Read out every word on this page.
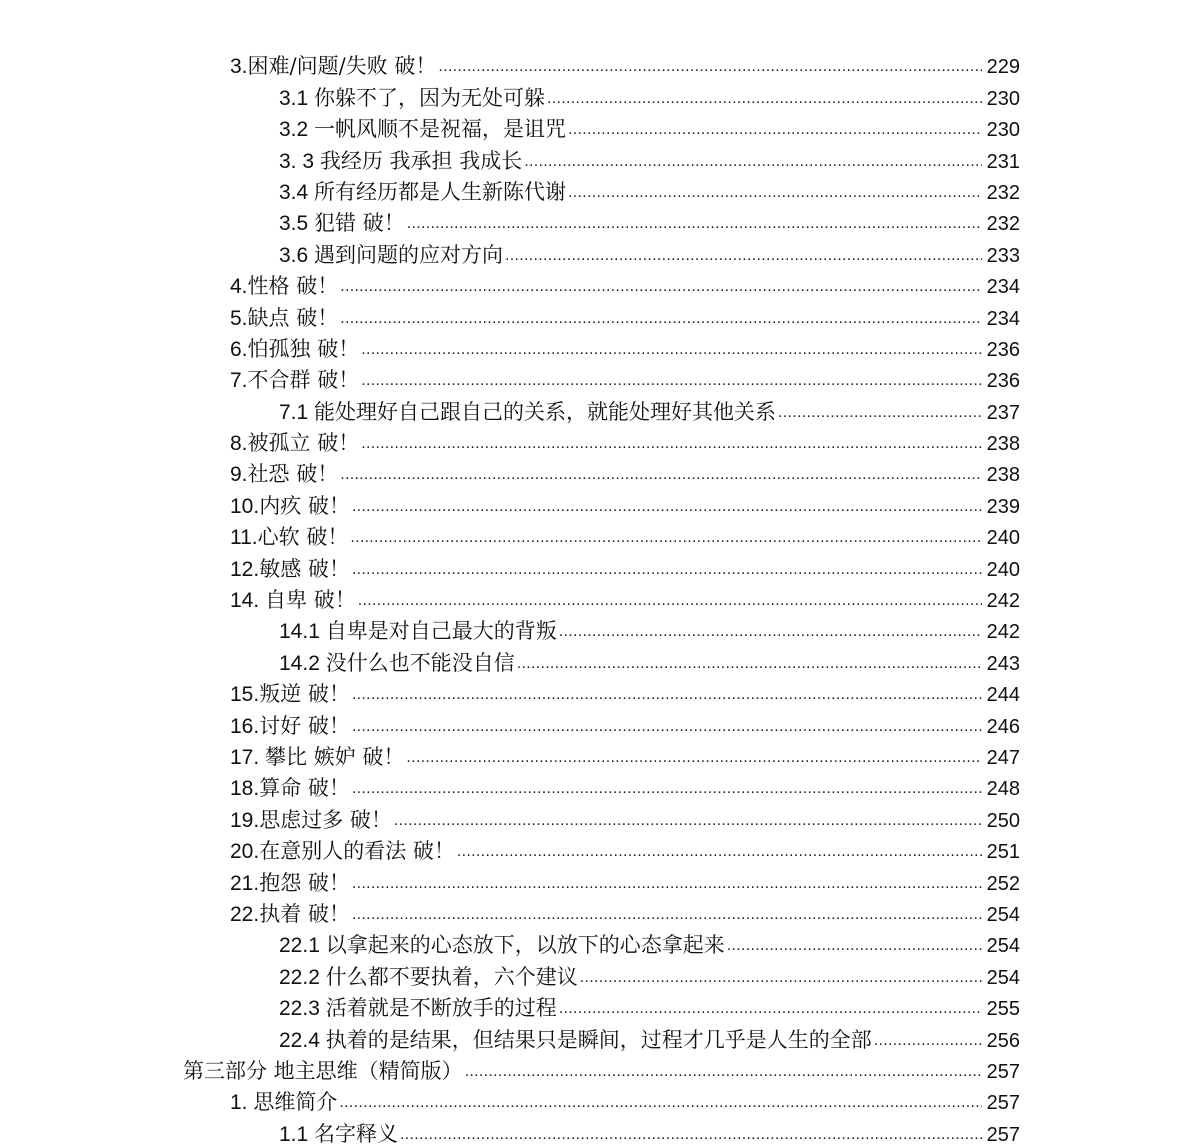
3.困难/问题/失败 破！ .....	229
3.1 你躲不了，因为无处可躲 .....	230
3.2 一帆风顺不是祝福，是诅咒 .....	230
3. 3 我经历 我承担 我成长 .....	231
3.4 所有经历都是人生新陈代谢 .....	232
3.5 犯错 破！ .....	232
3.6 遇到问题的应对方向 .....	233
4.性格 破！ .....	234
5.缺点 破！ .....	234
6.怕孤独 破！ .....	236
7.不合群 破！ .....	236
7.1 能处理好自己跟自己的关系，就能处理好其他关系 .....	237
8.被孤立 破！ .....	238
9.社恐 破！ .....	238
10.内疚 破！ .....	239
11.心软 破！ .....	240
12.敏感 破！ .....	240
14. 自卑 破！ .....	242
14.1 自卑是对自己最大的背叛 .....	242
14.2 没什么也不能没自信 .....	243
15.叛逆 破！ .....	244
16.讨好 破！ .....	246
17. 攀比 嫉妒 破！ .....	247
18.算命 破！ .....	248
19.思虑过多 破！ .....	250
20.在意别人的看法 破！ .....	251
21.抱怨 破！ .....	252
22.执着 破！ .....	254
22.1 以拿起来的心态放下，以放下的心态拿起来 .....	254
22.2 什么都不要执着，六个建议 .....	254
22.3 活着就是不断放手的过程 .....	255
22.4 执着的是结果，但结果只是瞬间，过程才几乎是人生的全部 .....	256
第三部分 地主思维（精简版） .....	257
1. 思维简介 .....	257
1.1 名字释义 .....	257
